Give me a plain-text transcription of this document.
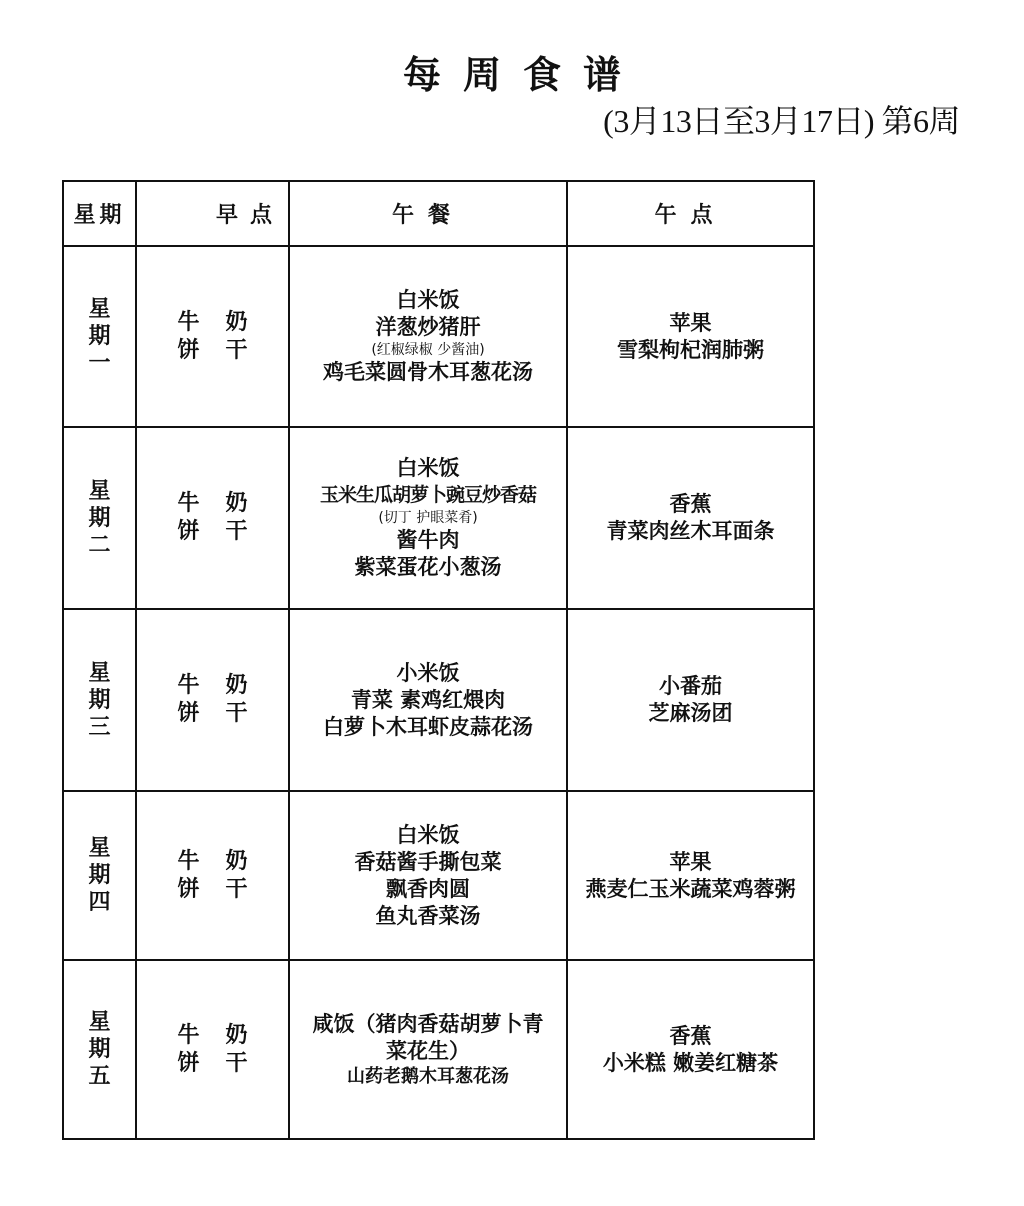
每周食谱
(3月13日至3月17日) 第6周
星期	早点	午餐	午点

星期一	牛奶
饼干	白米饭
洋葱炒猪肝
(红椒绿椒 少酱油)
鸡毛菜圆骨木耳葱花汤	苹果
雪梨枸杞润肺粥

星期二	牛奶
饼干	白米饭
玉米生瓜胡萝卜豌豆炒香菇
(切丁 护眼菜肴)
酱牛肉
紫菜蛋花小葱汤	香蕉
青菜肉丝木耳面条

星期三	牛奶
饼干	小米饭
青菜 素鸡红煨肉
白萝卜木耳虾皮蒜花汤	小番茄
芝麻汤团

星期四	牛奶
饼干	白米饭
香菇酱手撕包菜
飘香肉圆
鱼丸香菜汤	苹果
燕麦仁玉米蔬菜鸡蓉粥

星期五	牛奶
饼干	咸饭（猪肉香菇胡萝卜青
菜花生）
山药老鹅木耳葱花汤	香蕉
小米糕 嫩姜红糖茶
